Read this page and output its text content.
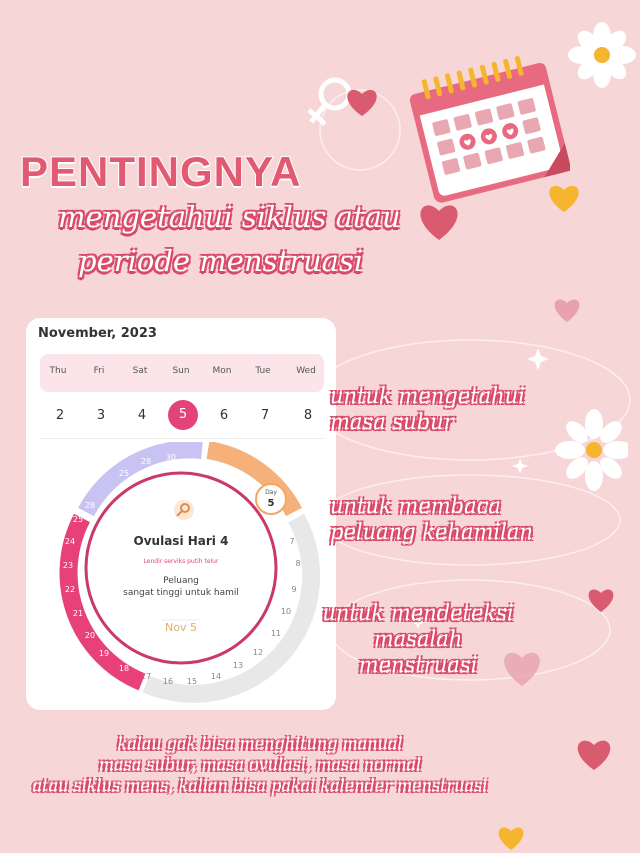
PENTINGNYA
mengetahui siklus atau
periode menstruasi
November, 2023
Thu	Fri	Sat	Sun	Mon	Tue	Wed
2	3	4	5	6	7	8
28 30	1
25
28
8
7
8
9
10
11
12
13
14
15
16
17
18
19
20
21
22
23
24
25
Day
5
Ovulasi Hari 4
Lendir serviks putih telur
Peluang
sangat tinggi untuk hamil
Nov 5
untuk mengetahui
masa subur
untuk membaca
peluang kehamilan
untuk mendeteksi
masalah
menstruasi
kalau gak bisa menghitung manual
masa subur, masa ovulasi, masa normal
atau siklus mens, kalian bisa pakai kalender menstruasi
